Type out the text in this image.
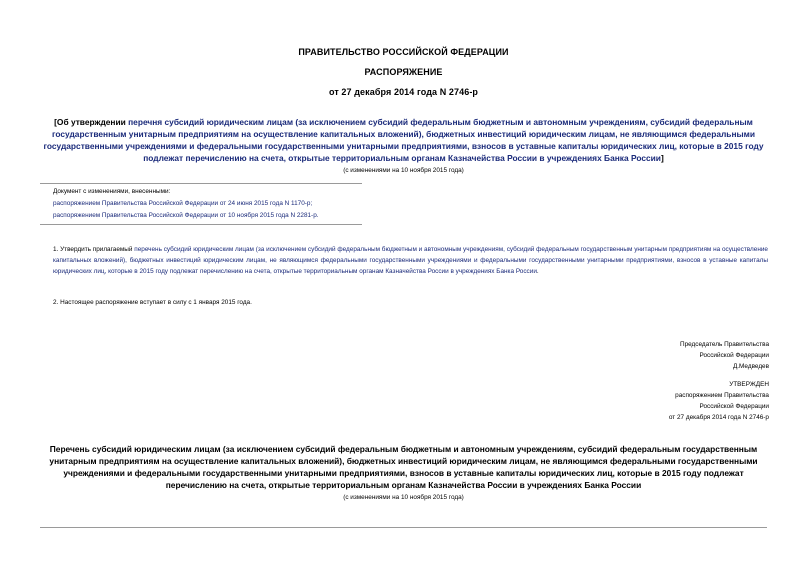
ПРАВИТЕЛЬСТВО РОССИЙСКОЙ ФЕДЕРАЦИИ
РАСПОРЯЖЕНИЕ
от 27 декабря 2014 года N 2746-р
[Об утверждении перечня субсидий юридическим лицам (за исключением субсидий федеральным бюджетным и автономным учреждениям, субсидий федеральным государственным унитарным предприятиям на осуществление капитальных вложений), бюджетных инвестиций юридическим лицам, не являющимся федеральными государственными учреждениями и федеральными государственными унитарными предприятиями, взносов в уставные капиталы юридических лиц, которые в 2015 году подлежат перечислению на счета, открытые территориальным органам Казначейства России в учреждениях Банка России]
(с изменениями на 10 ноября 2015 года)
Документ с изменениями, внесенными:
распоряжением Правительства Российской Федерации от 24 июня 2015 года N 1170-р;
распоряжением Правительства Российской Федерации от 10 ноября 2015 года N 2281-р.
1. Утвердить прилагаемый перечень субсидий юридическим лицам (за исключением субсидий федеральным бюджетным и автономным учреждениям, субсидий федеральным государственным унитарным предприятиям на осуществление капитальных вложений), бюджетных инвестиций юридическим лицам, не являющимся федеральными государственными учреждениями и федеральными государственными унитарными предприятиями, взносов в уставные капиталы юридических лиц, которые в 2015 году подлежат перечислению на счета, открытые территориальным органам Казначейства России в учреждениях Банка России.
2. Настоящее распоряжение вступает в силу с 1 января 2015 года.
Председатель Правительства
Российской Федерации
Д.Медведев
УТВЕРЖДЕН
распоряжением Правительства
Российской Федерации
от 27 декабря 2014 года N 2746-р
Перечень субсидий юридическим лицам (за исключением субсидий федеральным бюджетным и автономным учреждениям, субсидий федеральным государственным унитарным предприятиям на осуществление капитальных вложений), бюджетных инвестиций юридическим лицам, не являющимся федеральными государственными учреждениями и федеральными государственными унитарными предприятиями, взносов в уставные капиталы юридических лиц, которые в 2015 году подлежат перечислению на счета, открытые территориальным органам Казначейства России в учреждениях Банка России
(с изменениями на 10 ноября 2015 года)
